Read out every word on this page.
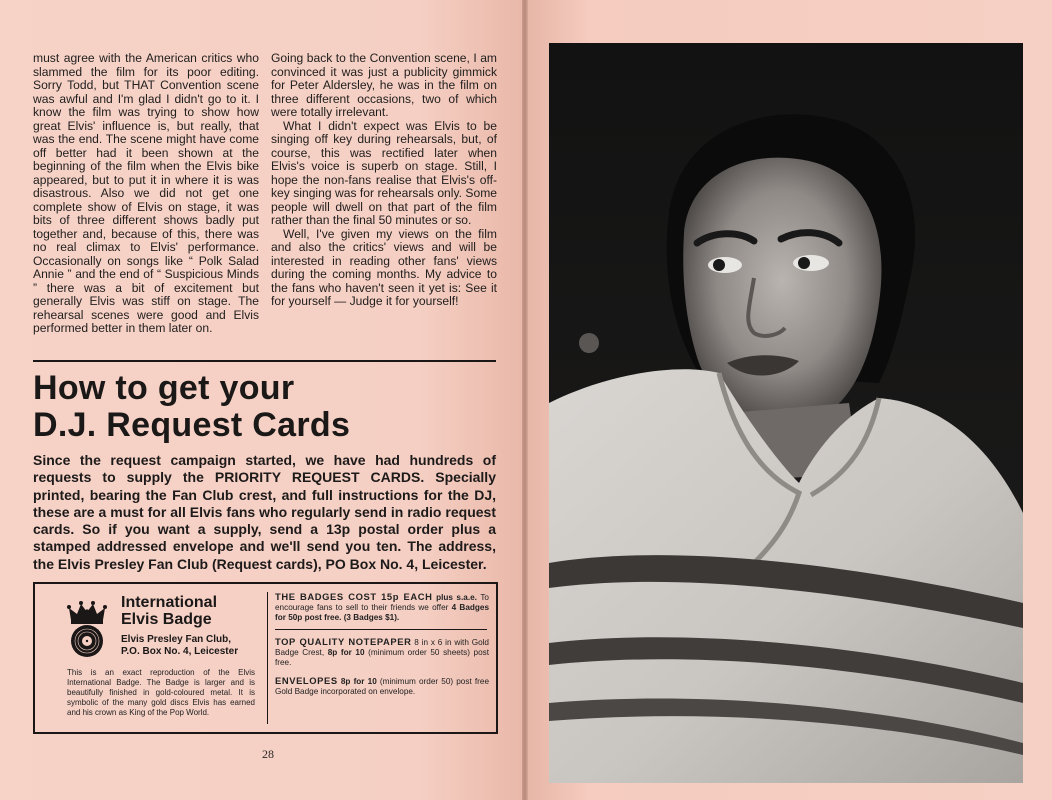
must agree with the American critics who slammed the film for its poor editing. Sorry Todd, but THAT Convention scene was awful and I'm glad I didn't go to it. I know the film was trying to show how great Elvis' influence is, but really, that was the end. The scene might have come off better had it been shown at the beginning of the film when the Elvis bike appeared, but to put it in where it is was disastrous. Also we did not get one complete show of Elvis on stage, it was bits of three different shows badly put together and, because of this, there was no real climax to Elvis' performance. Occasionally on songs like “ Polk Salad Annie ” and the end of “ Suspicious Minds ” there was a bit of excitement but generally Elvis was stiff on stage. The rehearsal scenes were good and Elvis performed better in them later on.

Going back to the Convention scene, I am convinced it was just a publicity gimmick for Peter Aldersley, he was in the film on three different occasions, two of which were totally irrelevant.

What I didn't expect was Elvis to be singing off key during rehearsals, but, of course, this was rectified later when Elvis's voice is superb on stage. Still, I hope the non-fans realise that Elvis's off-key singing was for rehearsals only. Some people will dwell on that part of the film rather than the final 50 minutes or so.

Well, I've given my views on the film and also the critics' views and will be interested in reading other fans' views during the coming months. My advice to the fans who haven't seen it yet is: See it for yourself — Judge it for yourself!

How to get your
D.J. Request Cards
Since the request campaign started, we have had hundreds of requests to supply the PRIORITY REQUEST CARDS. Specially printed, bearing the Fan Club crest, and full instructions for the DJ, these are a must for all Elvis fans who regularly send in radio request cards. So if you want a supply, send a 13p postal order plus a stamped addressed envelope and we'll send you ten. The address, the Elvis Presley Fan Club (Request cards), PO Box No. 4, Leicester.
International
Elvis Badge
Elvis Presley Fan Club,
P.O. Box No. 4, Leicester
This is an exact reproduction of the Elvis International Badge. The Badge is larger and is beautifully finished in gold-coloured metal. It is symbolic of the many gold discs Elvis has earned and his crown as King of the Pop World.

THE BADGES COST 15p EACH plus s.a.e. To encourage fans to sell to their friends we offer 4 Badges for 50p post free. (3 Badges $1).

TOP QUALITY NOTEPAPER 8 in x 6 in with Gold Badge Crest, 8p for 10 (minimum order 50 sheets) post free.

ENVELOPES 8p for 10 (minimum order 50) post free Gold Badge incorporated on envelope.

28
